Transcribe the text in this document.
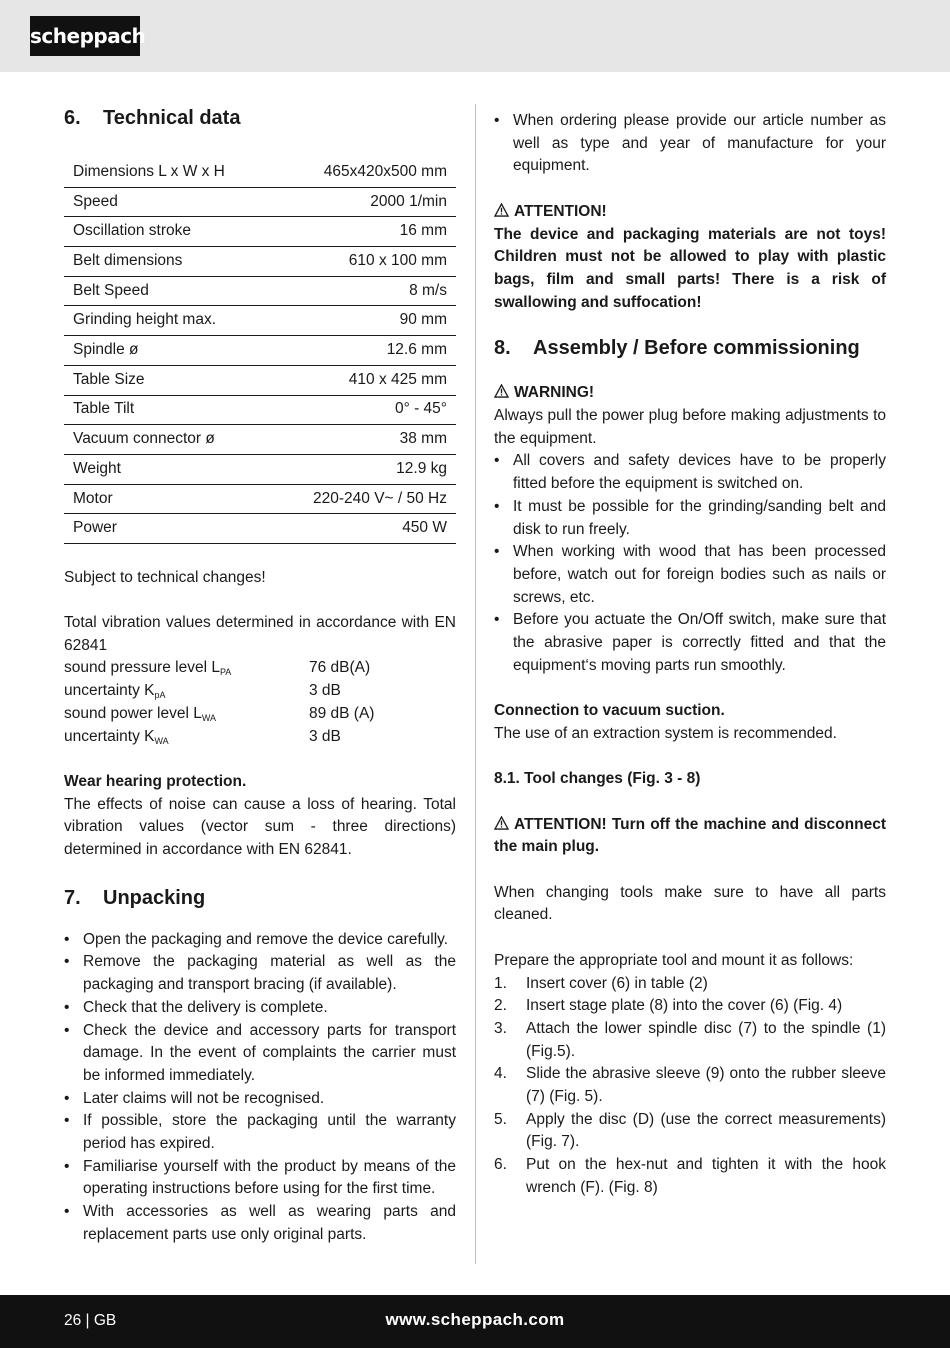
scheppach
6.	Technical data
Dimensions L x W x H	465x420x500 mm
Speed	2000 1/min
Oscillation stroke	16 mm
Belt dimensions	610 x 100 mm
Belt Speed	8 m/s
Grinding height max.	90 mm
Spindle ø	12.6 mm
Table Size	410 x 425 mm
Table Tilt	0° - 45°
Vacuum connector ø	38 mm
Weight	12.9 kg
Motor	220-240 V~ / 50 Hz
Power	450 W

Subject to technical changes!

Total vibration values determined in accordance with EN 62841

sound pressure level $L_{PA}$	76 dB(A)
uncertainty $K_{pA}$	3 dB
sound power level $L_{WA}$	89 dB (A)
uncertainty $K_{WA}$	3 dB

Wear hearing protection.

The effects of noise can cause a loss of hearing. Total vibration values (vector sum - three directions) determined in accordance with EN 62841.

7.	Unpacking
• Open the packaging and remove the device carefully.
• Remove the packaging material as well as the packaging and transport bracing (if available).
• Check that the delivery is complete.
• Check the device and accessory parts for transport damage. In the event of complaints the carrier must be informed immediately.
• Later claims will not be recognised.
• If possible, store the packaging until the warranty period has expired.
• Familiarise yourself with the product by means of the operating instructions before using for the first time.
• With accessories as well as wearing parts and replacement parts use only original parts.
• When ordering please provide our article number as well as type and year of manufacture for your equipment.

ATTENTION!

The device and packaging materials are not toys! Children must not be allowed to play with plastic bags, film and small parts! There is a risk of swallowing and suffocation!

8.	Assembly / Before commissioning

WARNING!

Always pull the power plug before making adjustments to the equipment.

• All covers and safety devices have to be properly fitted before the equipment is switched on.
• It must be possible for the grinding/sanding belt and disk to run freely.
• When working with wood that has been processed before, watch out for foreign bodies such as nails or screws, etc.
• Before you actuate the On/Off switch, make sure that the abrasive paper is correctly fitted and that the equipment‘s moving parts run smoothly.

Connection to vacuum suction.

The use of an extraction system is recommended.

8.1. Tool changes (Fig. 3 - 8)

ATTENTION! Turn off the machine and disconnect the main plug.

When changing tools make sure to have all parts cleaned.

Prepare the appropriate tool and mount it as follows:

1.	Insert cover (6) in table (2)
2.	Insert stage plate (8) into the cover (6) (Fig. 4)
3.	Attach the lower spindle disc (7) to the spindle (1) (Fig.5).
4.	Slide the abrasive sleeve (9) onto the rubber sleeve (7) (Fig. 5).
5.	Apply the disc (D) (use the correct measurements) (Fig. 7).
6.	Put on the hex-nut and tighten it with the hook wrench (F). (Fig. 8)
26 | GB	www.scheppach.com
